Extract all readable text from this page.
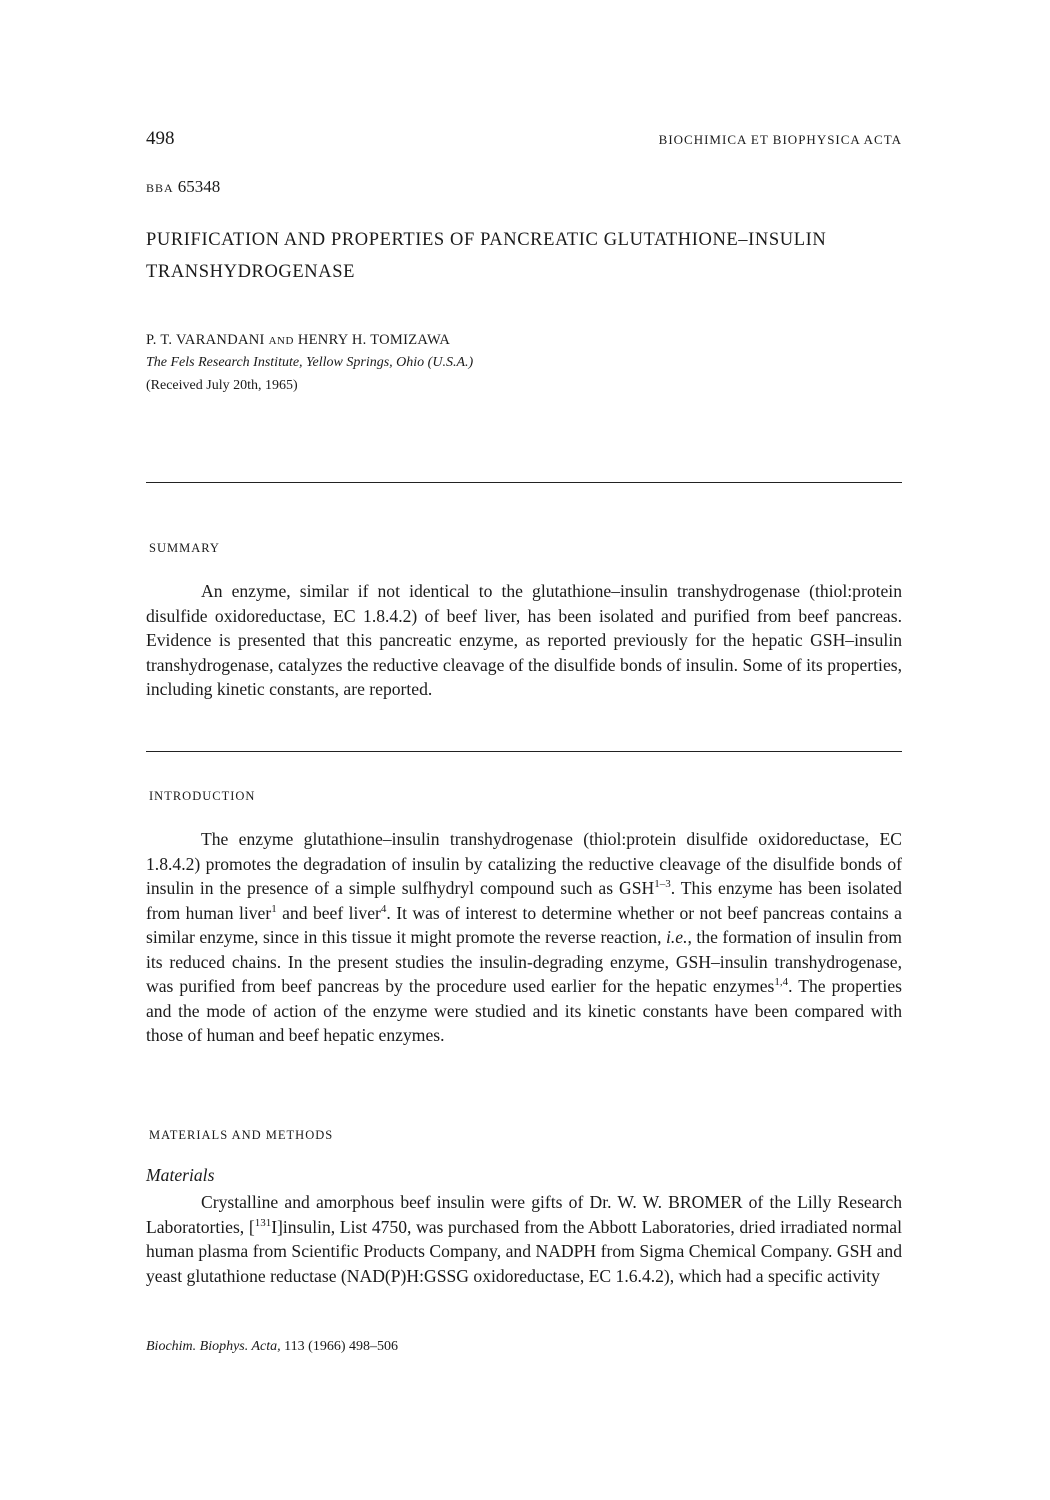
498	BIOCHIMICA ET BIOPHYSICA ACTA
BBA 65348
PURIFICATION AND PROPERTIES OF PANCREATIC GLUTATHIONE–INSULIN TRANSHYDROGENASE
P. T. VARANDANI AND HENRY H. TOMIZAWA
The Fels Research Institute, Yellow Springs, Ohio (U.S.A.)
(Received July 20th, 1965)
SUMMARY

An enzyme, similar if not identical to the glutathione–insulin transhydrogenase (thiol:protein disulfide oxidoreductase, EC 1.8.4.2) of beef liver, has been isolated and purified from beef pancreas. Evidence is presented that this pancreatic enzyme, as reported previously for the hepatic GSH–insulin transhydrogenase, catalyzes the reductive cleavage of the disulfide bonds of insulin. Some of its properties, including kinetic constants, are reported.

INTRODUCTION

The enzyme glutathione–insulin transhydrogenase (thiol:protein disulfide oxidoreductase, EC 1.8.4.2) promotes the degradation of insulin by catalizing the reductive cleavage of the disulfide bonds of insulin in the presence of a simple sulfhydryl compound such as GSH$^{1-3}$. This enzyme has been isolated from human liver$^1$ and beef liver$^4$. It was of interest to determine whether or not beef pancreas contains a similar enzyme, since in this tissue it might promote the reverse reaction, i.e., the formation of insulin from its reduced chains. In the present studies the insulin-degrading enzyme, GSH–insulin transhydrogenase, was purified from beef pancreas by the procedure used earlier for the hepatic enzymes$^{1,4}$. The properties and the mode of action of the enzyme were studied and its kinetic constants have been compared with those of human and beef hepatic enzymes.

MATERIALS AND METHODS
Materials

Crystalline and amorphous beef insulin were gifts of Dr. W. W. BROMER of the Lilly Research Laboratorties, [$^{131}$I]insulin, List 4750, was purchased from the Abbott Laboratories, dried irradiated normal human plasma from Scientific Products Company, and NADPH from Sigma Chemical Company. GSH and yeast glutathione reductase (NAD(P)H:GSSG oxidoreductase, EC 1.6.4.2), which had a specific activity

Biochim. Biophys. Acta, 113 (1966) 498–506
